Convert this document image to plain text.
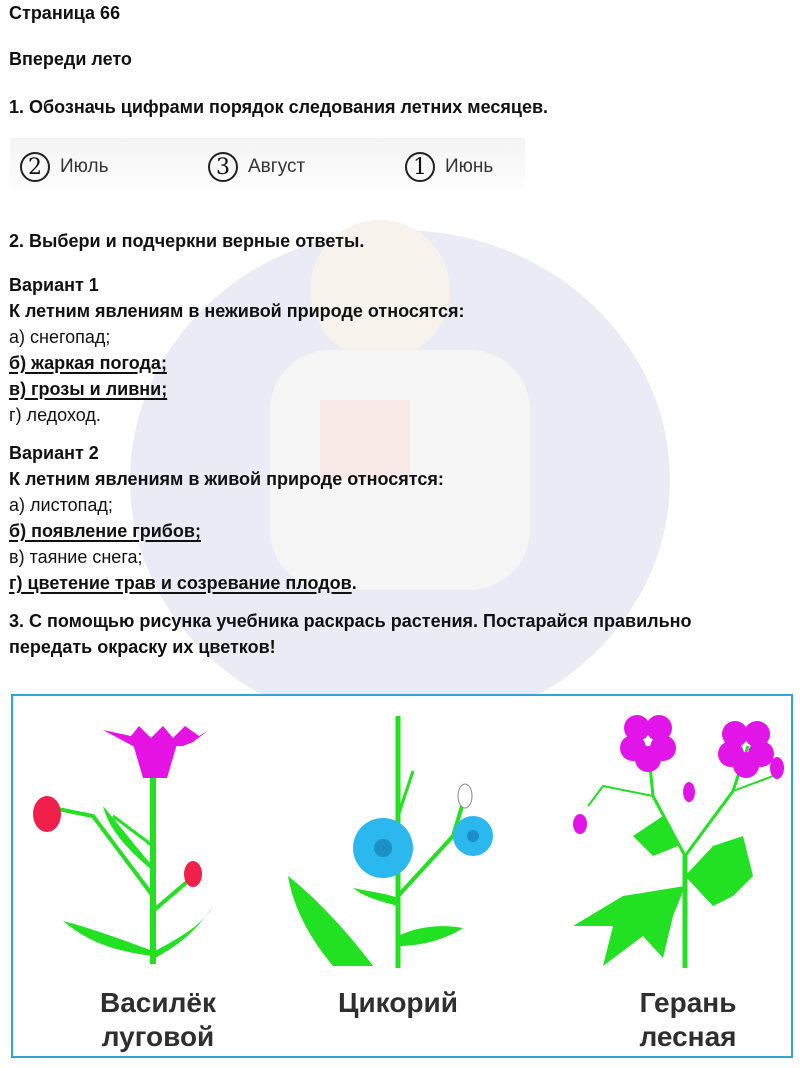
Страница 66

Впереди лето

1. Обозначь цифрами порядок следования летних месяцев.

2. Выбери и подчеркни верные ответы.

Вариант 1

К летним явлениям в неживой природе относятся:

а) снегопад;

б) жаркая погода;

в) грозы и ливни;

г) ледоход.

Вариант 2

К летним явлениям в живой природе относятся:

а) листопад;

б) появление грибов;

в) таяние снега;

г) цветение трав и созревание плодов.

3. С помощью рисунка учебника раскрась растения. Постарайся правильно

передать окраску их цветков!

2 Июль	3 Август	1 Июнь
Василёк
луговой
Цикорий	Герань
лесная
